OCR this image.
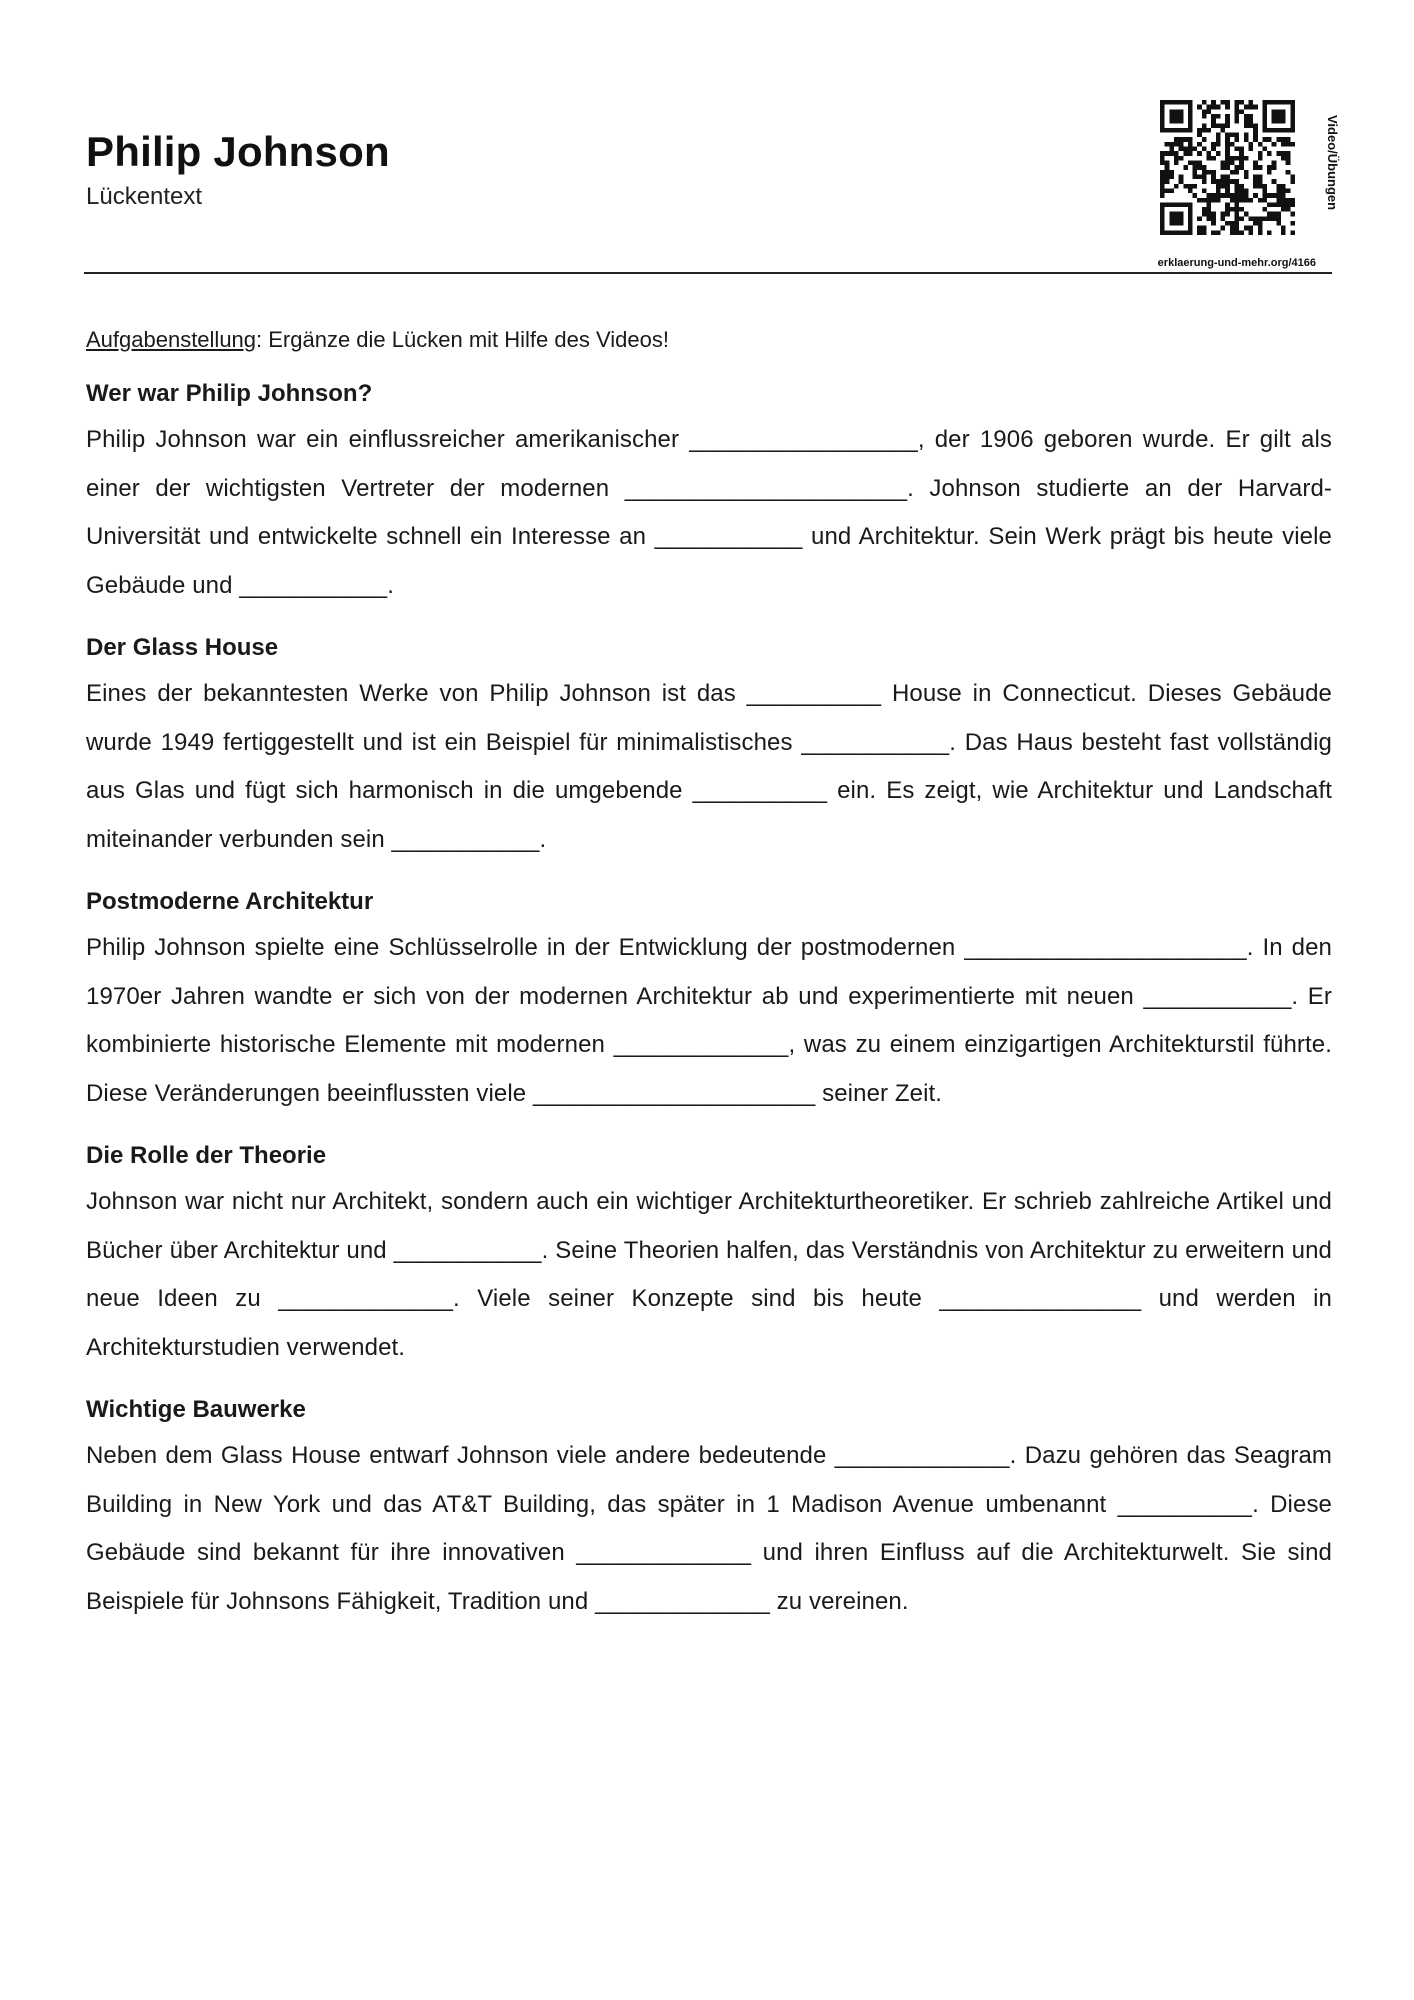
Philip Johnson
Lückentext	Video/Übungen
erklaerung-und-mehr.org/4166
Aufgabenstellung: Ergänze die Lücken mit Hilfe des Videos!
Wer war Philip Johnson?

Philip Johnson war ein einflussreicher amerikanischer _________________, der 1906 geboren wurde. Er gilt als einer der wichtigsten Vertreter der modernen _____________________. Johnson studierte an der Harvard-Universität und entwickelte schnell ein Interesse an ___________ und Architektur. Sein Werk prägt bis heute viele Gebäude und ___________.

Der Glass House

Eines der bekanntesten Werke von Philip Johnson ist das __________ House in Connecticut. Dieses Gebäude wurde 1949 fertiggestellt und ist ein Beispiel für minimalistisches ___________. Das Haus besteht fast vollständig aus Glas und fügt sich harmonisch in die umgebende __________ ein. Es zeigt, wie Architektur und Landschaft miteinander verbunden sein ___________.

Postmoderne Architektur

Philip Johnson spielte eine Schlüsselrolle in der Entwicklung der postmodernen _____________________. In den 1970er Jahren wandte er sich von der modernen Architektur ab und experimentierte mit neuen ___________. Er kombinierte historische Elemente mit modernen _____________, was zu einem einzigartigen Architekturstil führte. Diese Veränderungen beeinflussten viele _____________________ seiner Zeit.

Die Rolle der Theorie

Johnson war nicht nur Architekt, sondern auch ein wichtiger Architekturtheoretiker. Er schrieb zahlreiche Artikel und Bücher über Architektur und ___________. Seine Theorien halfen, das Verständnis von Architektur zu erweitern und neue Ideen zu _____________. Viele seiner Konzepte sind bis heute _______________ und werden in Architekturstudien verwendet.

Wichtige Bauwerke

Neben dem Glass House entwarf Johnson viele andere bedeutende _____________. Dazu gehören das Seagram Building in New York und das AT&T Building, das später in 1 Madison Avenue umbenannt __________. Diese Gebäude sind bekannt für ihre innovativen _____________ und ihren Einfluss auf die Architekturwelt. Sie sind Beispiele für Johnsons Fähigkeit, Tradition und _____________ zu vereinen.
